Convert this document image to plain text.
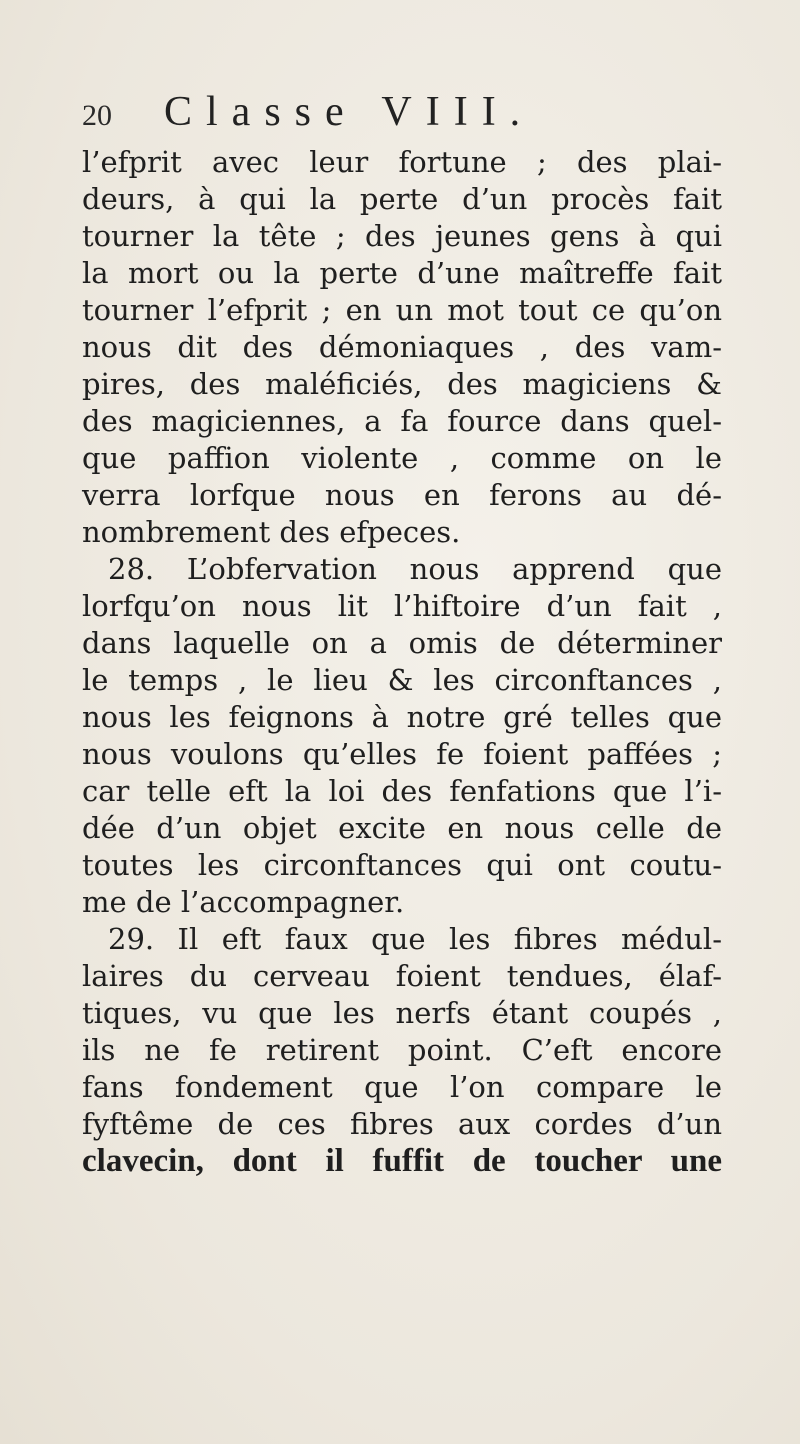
20	Classe VIII.
l’efprit avec leur fortune ; des plai-
deurs, à qui la perte d’un procès fait
tourner la tête ; des jeunes gens à qui
la mort ou la perte d’une maîtreffe fait
tourner l’efprit ; en un mot tout ce qu’on
nous dit des démoniaques , des vam-
pires, des maléficiés, des magiciens &
des magiciennes, a fa fource dans quel-
que paffion violente , comme on le
verra lorfque nous en ferons au dé-
nombrement des efpeces.
28. L’obfervation nous apprend que
lorfqu’on nous lit l’hiftoire d’un fait ,
dans laquelle on a omis de déterminer
le temps , le lieu & les circonftances ,
nous les feignons à notre gré telles que
nous voulons qu’elles fe foient paffées ;
car telle eft la loi des fenfations que l’i-
dée d’un objet excite en nous celle de
toutes les circonftances qui ont coutu-
me de l’accompagner.
29. Il eft faux que les fibres médul-
laires du cerveau foient tendues, élaf-
tiques, vu que les nerfs étant coupés ,
ils ne fe retirent point. C’eft encore
fans fondement que l’on compare le
fyftême de ces fibres aux cordes d’un
clavecin, dont il fuffit de toucher une
